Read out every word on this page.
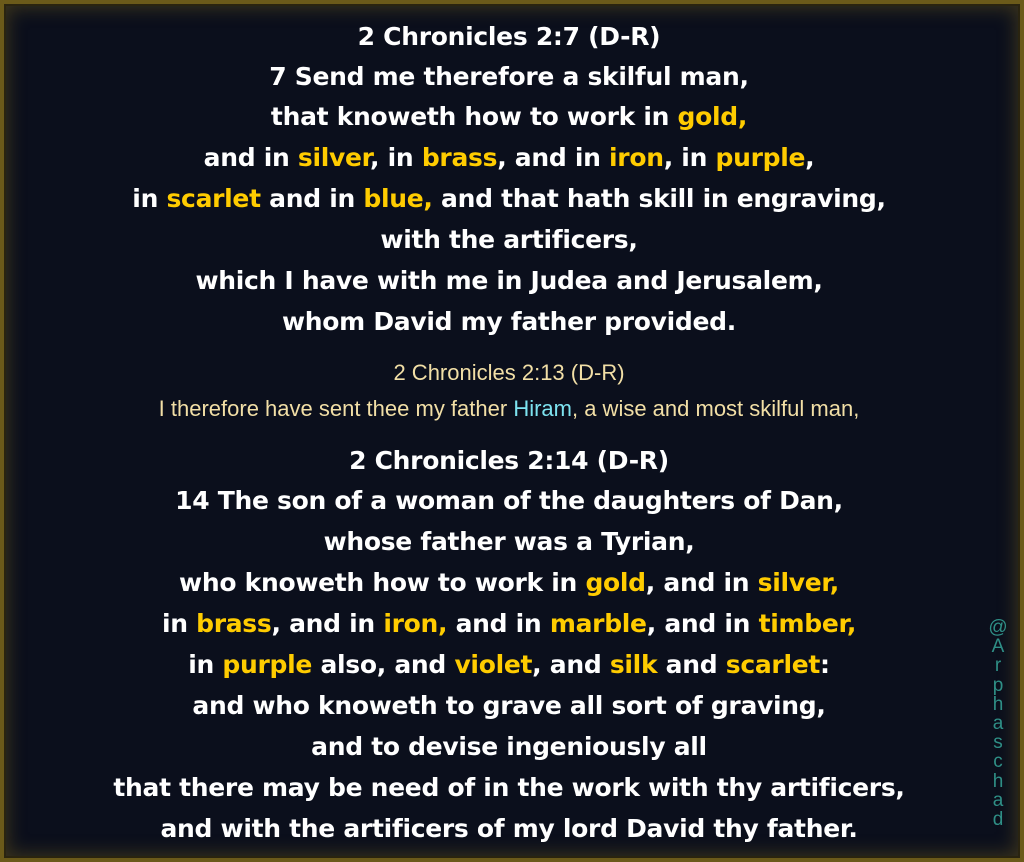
2 Chronicles 2:7 (D-R)
7 Send me therefore a skilful man,
that knoweth how to work in gold,
and in silver, in brass, and in iron, in purple,
in scarlet and in blue, and that hath skill in engraving,
with the artificers,
which I have with me in Judea and Jerusalem,
whom David my father provided.
2 Chronicles 2:13 (D-R)
I therefore have sent thee my father Hiram, a wise and most skilful man,
2 Chronicles 2:14 (D-R)
14 The son of a woman of the daughters of Dan,
whose father was a Tyrian,
who knoweth how to work in gold, and in silver,
in brass, and in iron, and in marble, and in timber,
in purple also, and violet, and silk and scarlet:
and who knoweth to grave all sort of graving,
and to devise ingeniously all
that there may be need of in the work with thy artificers,
and with the artificers of my lord David thy father.
@
A
r
p
h
a
s
c
h
a
d
